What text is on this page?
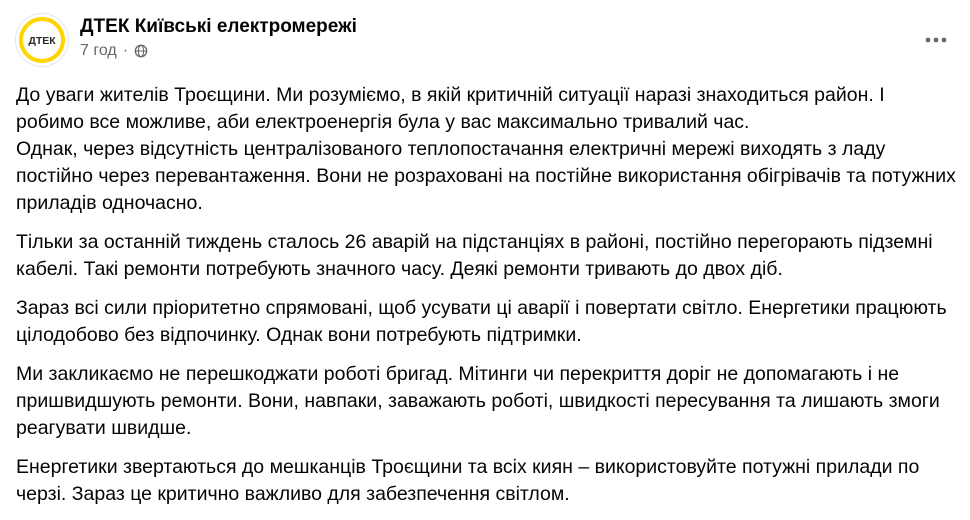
ДТЕК
ДТЕК Київські електромережі
7 год ·

До уваги жителів Троєщини. Ми розуміємо, в якій критичній ситуації наразі знаходиться район. І робимо все можливе, аби електроенергія була у вас максимально тривалий час.
Однак, через відсутність централізованого теплопостачання електричні мережі виходять з ладу постійно через перевантаження. Вони не розраховані на постійне використання обігрівачів та потужних приладів одночасно.

Тільки за останній тиждень сталось 26 аварій на підстанціях в районі, постійно перегорають підземні кабелі. Такі ремонти потребують значного часу. Деякі ремонти тривають до двох діб.

Зараз всі сили пріоритетно спрямовані, щоб усувати ці аварії і повертати світло. Енергетики працюють цілодобово без відпочинку. Однак вони потребують підтримки.

Ми закликаємо не перешкоджати роботі бригад. Мітинги чи перекриття доріг не допомагають і не пришвидшують ремонти. Вони, навпаки, заважають роботі, швидкості пересування та лишають змоги реагувати швидше.

Енергетики звертаються до мешканців Троєщини та всіх киян – використовуйте потужні прилади по черзі. Зараз це критично важливо для забезпечення світлом.
